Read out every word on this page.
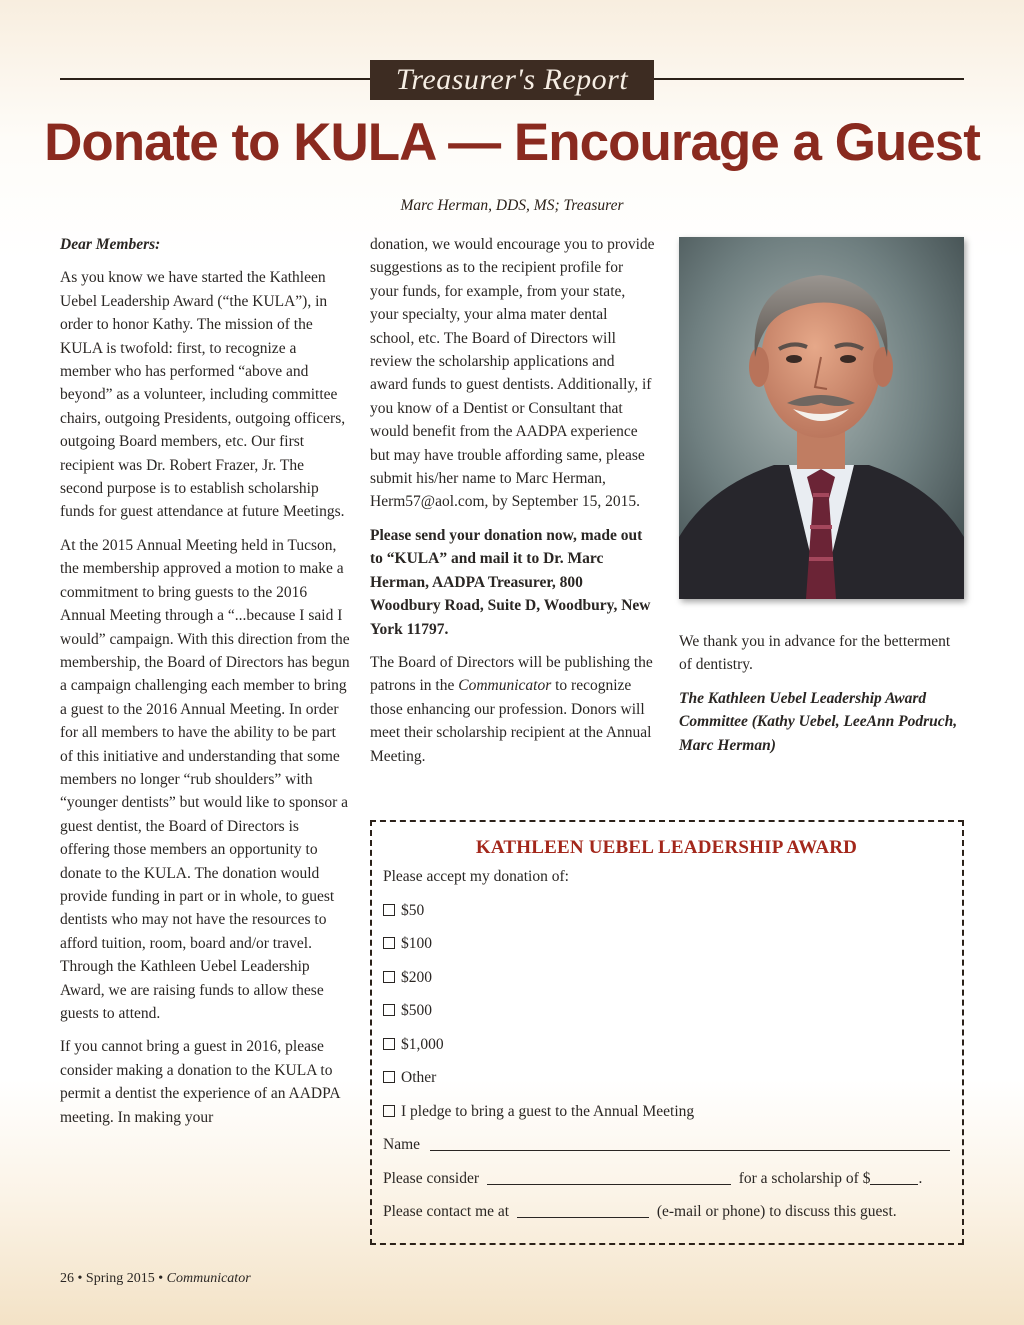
Treasurer's Report
Donate to KULA — Encourage a Guest
Marc Herman, DDS, MS; Treasurer

Dear Members:

As you know we have started the Kathleen Uebel Leadership Award (“the KULA”), in order to honor Kathy. The mission of the KULA is twofold: first, to recognize a member who has performed “above and beyond” as a volunteer, including committee chairs, outgoing Presidents, outgoing officers, outgoing Board members, etc. Our first recipient was Dr. Robert Frazer, Jr. The second purpose is to establish scholarship funds for guest attendance at future Meetings.

At the 2015 Annual Meeting held in Tucson, the membership approved a motion to make a commitment to bring guests to the 2016 Annual Meeting through a “...because I said I would” campaign. With this direction from the membership, the Board of Directors has begun a campaign challenging each member to bring a guest to the 2016 Annual Meeting. In order for all members to have the ability to be part of this initiative and understanding that some members no longer “rub shoulders” with “younger dentists” but would like to sponsor a guest dentist, the Board of Directors is offering those members an opportunity to donate to the KULA. The donation would provide funding in part or in whole, to guest dentists who may not have the resources to afford tuition, room, board and/or travel. Through the Kathleen Uebel Leadership Award, we are raising funds to allow these guests to attend.

If you cannot bring a guest in 2016, please consider making a donation to the KULA to permit a dentist the experience of an AADPA meeting. In making your

donation, we would encourage you to provide suggestions as to the recipient profile for your funds, for example, from your state, your specialty, your alma mater dental school, etc. The Board of Directors will review the scholarship applications and award funds to guest dentists. Additionally, if you know of a Dentist or Consultant that would benefit from the AADPA experience but may have trouble affording same, please submit his/her name to Marc Herman, Herm57@aol.com, by September 15, 2015.

Please send your donation now, made out to “KULA” and mail it to Dr. Marc Herman, AADPA Treasurer, 800 Woodbury Road, Suite D, Woodbury, New York 11797.

The Board of Directors will be publishing the patrons in the Communicator to recognize those enhancing our profession. Donors will meet their scholarship recipient at the Annual Meeting.

We thank you in advance for the betterment of dentistry.

The Kathleen Uebel Leadership Award Committee (Kathy Uebel, LeeAnn Podruch, Marc Herman)

KATHLEEN UEBEL LEADERSHIP AWARD
Please accept my donation of:
$50
$100
$200
$500
$1,000
Other
I pledge to bring a guest to the Annual Meeting
Name
Please consider	for a scholarship of $	.
Please contact me at	(e-mail or phone) to discuss this guest.
26 • Spring 2015 • Communicator
